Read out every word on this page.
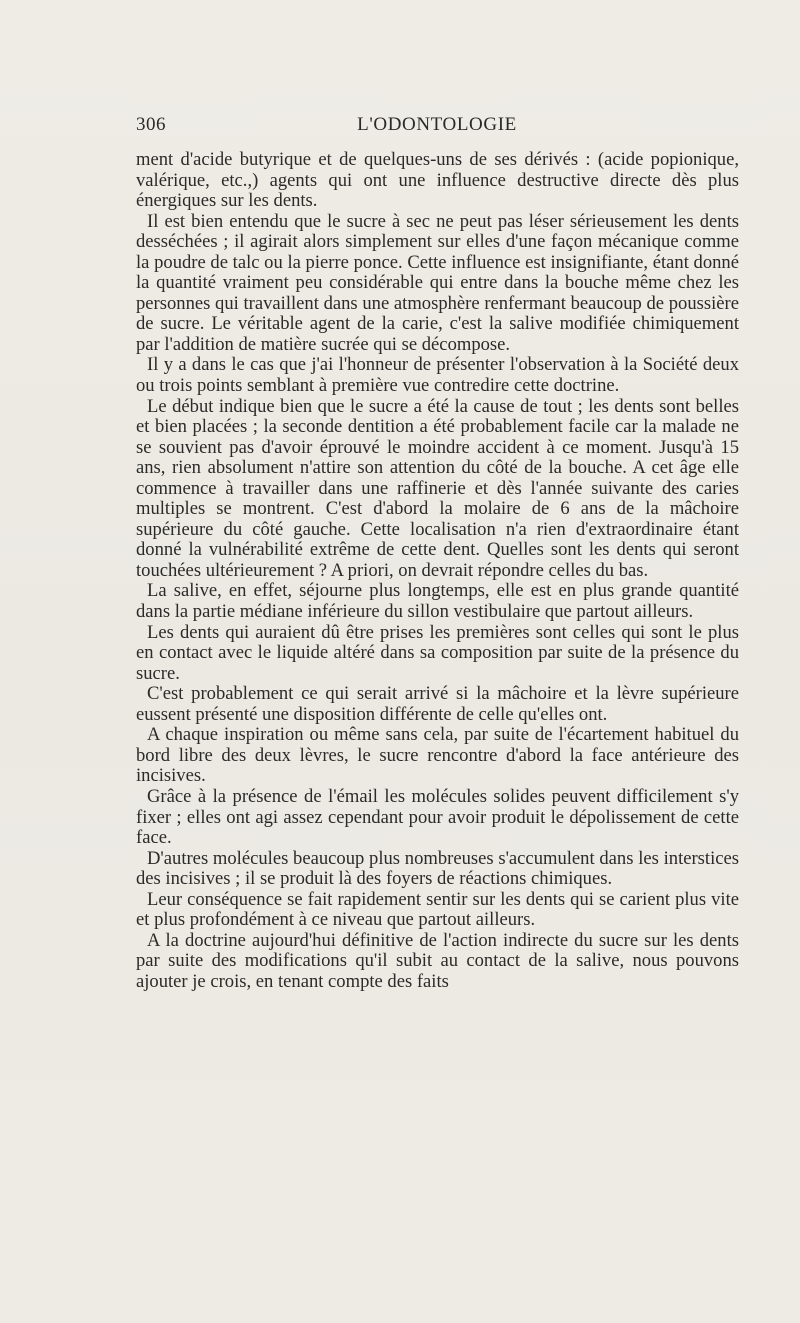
306	L'ODONTOLOGIE

ment d'acide butyrique et de quelques-uns de ses dérivés : (acide popionique, valérique, etc.,) agents qui ont une influence destructive directe dès plus énergiques sur les dents.

Il est bien entendu que le sucre à sec ne peut pas léser sérieusement les dents desséchées ; il agirait alors simplement sur elles d'une façon mécanique comme la poudre de talc ou la pierre ponce. Cette influence est insignifiante, étant donné la quantité vraiment peu considérable qui entre dans la bouche même chez les personnes qui travaillent dans une atmosphère renfermant beaucoup de poussière de sucre. Le véritable agent de la carie, c'est la salive modifiée chimiquement par l'addition de matière sucrée qui se décompose.

Il y a dans le cas que j'ai l'honneur de présenter l'observation à la Société deux ou trois points semblant à première vue contredire cette doctrine.

Le début indique bien que le sucre a été la cause de tout ; les dents sont belles et bien placées ; la seconde dentition a été probablement facile car la malade ne se souvient pas d'avoir éprouvé le moindre accident à ce moment. Jusqu'à 15 ans, rien absolument n'attire son attention du côté de la bouche. A cet âge elle commence à travailler dans une raffinerie et dès l'année suivante des caries multiples se montrent. C'est d'abord la molaire de 6 ans de la mâchoire supérieure du côté gauche. Cette localisation n'a rien d'extraordinaire étant donné la vulnérabilité extrême de cette dent. Quelles sont les dents qui seront touchées ultérieurement ? A priori, on devrait répondre celles du bas.

La salive, en effet, séjourne plus longtemps, elle est en plus grande quantité dans la partie médiane inférieure du sillon vestibulaire que partout ailleurs.

Les dents qui auraient dû être prises les premières sont celles qui sont le plus en contact avec le liquide altéré dans sa composition par suite de la présence du sucre.

C'est probablement ce qui serait arrivé si la mâchoire et la lèvre supérieure eussent présenté une disposition différente de celle qu'elles ont.

A chaque inspiration ou même sans cela, par suite de l'écartement habituel du bord libre des deux lèvres, le sucre rencontre d'abord la face antérieure des incisives.

Grâce à la présence de l'émail les molécules solides peuvent difficilement s'y fixer ; elles ont agi assez cependant pour avoir produit le dépolissement de cette face.

D'autres molécules beaucoup plus nombreuses s'accumulent dans les interstices des incisives ; il se produit là des foyers de réactions chimiques.

Leur conséquence se fait rapidement sentir sur les dents qui se carient plus vite et plus profondément à ce niveau que partout ailleurs.

A la doctrine aujourd'hui définitive de l'action indirecte du sucre sur les dents par suite des modifications qu'il subit au contact de la salive, nous pouvons ajouter je crois, en tenant compte des faits
